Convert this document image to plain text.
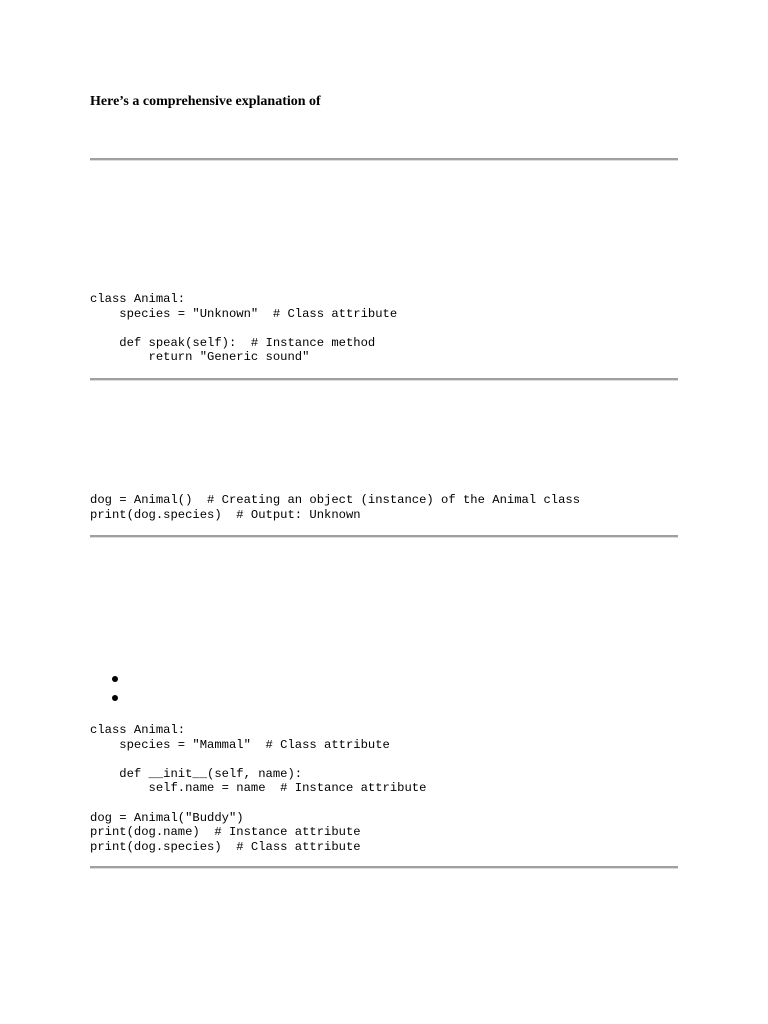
Here’s a comprehensive explanation of
class Animal:
species = "Unknown"  # Class attribute
def speak(self):  # Instance method
return "Generic sound"
dog = Animal()  # Creating an object (instance) of the Animal class
print(dog.species)  # Output: Unknown
class Animal:
species = "Mammal"  # Class attribute
def __init__(self, name):
self.name = name  # Instance attribute
dog = Animal("Buddy")
print(dog.name)  # Instance attribute
print(dog.species)  # Class attribute
